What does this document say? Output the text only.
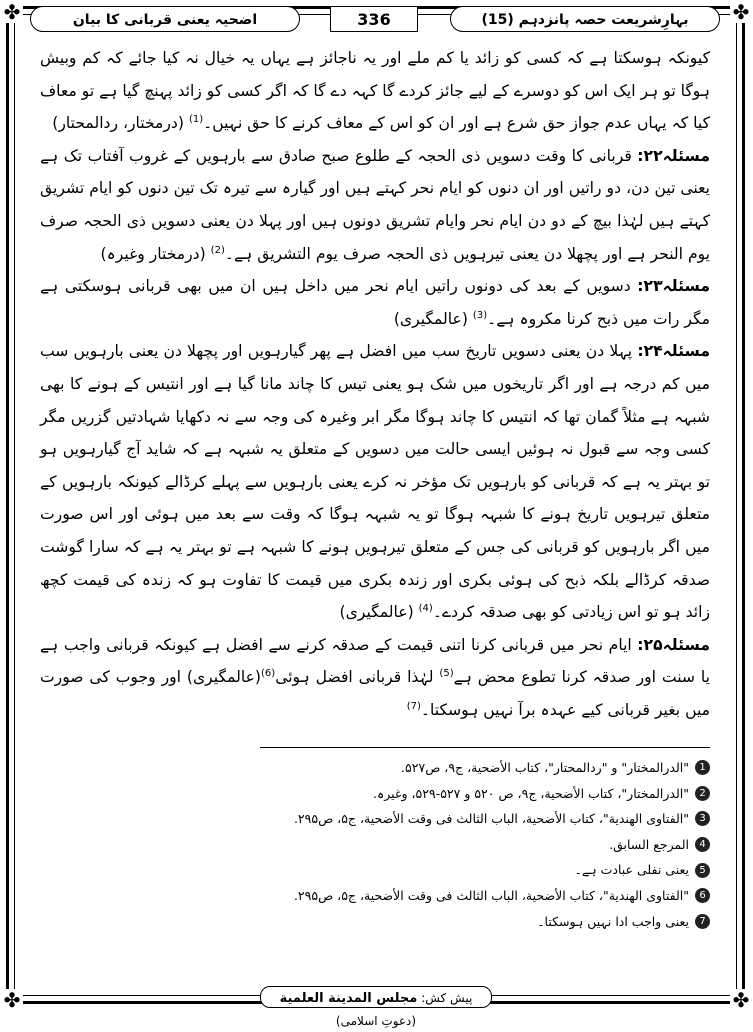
✤	✤
✤	✤
بہارِشریعت حصہ پانزدہم (15)
336
اضحیہ یعنی قربانی کا بیان

کیونکہ ہوسکتا ہے کہ کسی کو زائد یا کم ملے اور یہ ناجائز ہے یہاں یہ خیال نہ کیا جائے کہ کم وبیش ہوگا تو ہر ایک اس کو دوسرے کے لیے جائز کردے گا کہہ دے گا کہ اگر کسی کو زائد پہنچ گیا ہے تو معاف کیا کہ یہاں عدم جواز حق شرع ہے اور ان کو اس کے معاف کرنے کا حق نہیں۔$^{(1)}$ (درمختار، ردالمحتار)

مسئلہ۲۲: قربانی کا وقت دسویں ذی الحجہ کے طلوع صبح صادق سے بارہویں کے غروب آفتاب تک ہے یعنی تین دن، دو راتیں اور ان دنوں کو ایام نحر کہتے ہیں اور گیارہ سے تیرہ تک تین دنوں کو ایام تشریق کہتے ہیں لہٰذا بیچ کے دو دن ایام نحر وایام تشریق دونوں ہیں اور پہلا دن یعنی دسویں ذی الحجہ صرف یوم النحر ہے اور پچھلا دن یعنی تیرہویں ذی الحجہ صرف یوم التشریق ہے۔$^{(2)}$ (درمختار وغیرہ)

مسئلہ۲۳: دسویں کے بعد کی دونوں راتیں ایام نحر میں داخل ہیں ان میں بھی قربانی ہوسکتی ہے مگر رات میں ذبح کرنا مکروہ ہے۔$^{(3)}$ (عالمگیری)

مسئلہ۲۴: پہلا دن یعنی دسویں تاریخ سب میں افضل ہے پھر گیارہویں اور پچھلا دن یعنی بارہویں سب میں کم درجہ ہے اور اگر تاریخوں میں شک ہو یعنی تیس کا چاند مانا گیا ہے اور انتیس کے ہونے کا بھی شبہہ ہے مثلاً گمان تھا کہ انتیس کا چاند ہوگا مگر ابر وغیرہ کی وجہ سے نہ دکھایا شہادتیں گزریں مگر کسی وجہ سے قبول نہ ہوئیں ایسی حالت میں دسویں کے متعلق یہ شبہہ ہے کہ شاید آج گیارہویں ہو تو بہتر یہ ہے کہ قربانی کو بارہویں تک مؤخر نہ کرے یعنی بارہویں سے پہلے کرڈالے کیونکہ بارہویں کے متعلق تیرہویں تاریخ ہونے کا شبہہ ہوگا تو یہ شبہہ ہوگا کہ وقت سے بعد میں ہوئی اور اس صورت میں اگر بارہویں کو قربانی کی جس کے متعلق تیرہویں ہونے کا شبہہ ہے تو بہتر یہ ہے کہ سارا گوشت صدقہ کرڈالے بلکہ ذبح کی ہوئی بکری اور زندہ بکری میں قیمت کا تفاوت ہو کہ زندہ کی قیمت کچھ زائد ہو تو اس زیادتی کو بھی صدقہ کردے۔$^{(4)}$ (عالمگیری)

مسئلہ۲۵: ایام نحر میں قربانی کرنا اتنی قیمت کے صدقہ کرنے سے افضل ہے کیونکہ قربانی واجب ہے یا سنت اور صدقہ کرنا تطوع محض ہے$^{(5)}$ لہٰذا قربانی افضل ہوئی$^{(6)}$(عالمگیری) اور وجوب کی صورت میں بغیر قربانی کیے عہدہ برآ نہیں ہوسکتا۔$^{(7)}$

1
"الدرالمختار" و "ردالمحتار"، کتاب الأضحیة، ج۹، ص۵۲۷.
2
"الدرالمختار"، کتاب الأضحیة، ج۹، ص ۵۲۰ و ۵۲۷-۵۲۹، وغیرہ.
3
"الفتاوی الهندیة"، کتاب الأضحیة، الباب الثالث فی وقت الأضحیة، ج۵، ص۲۹۵.
4
المرجع السابق.
5
یعنی نفلی عبادت ہے۔
6
"الفتاوی الهندیة"، کتاب الأضحیة، الباب الثالث فی وقت الأضحیة، ج۵، ص۲۹۵.
7
یعنی واجب ادا نہیں ہوسکتا۔
پیش کش: مجلس المدینة العلمیة (دعوتِ اسلامی)
